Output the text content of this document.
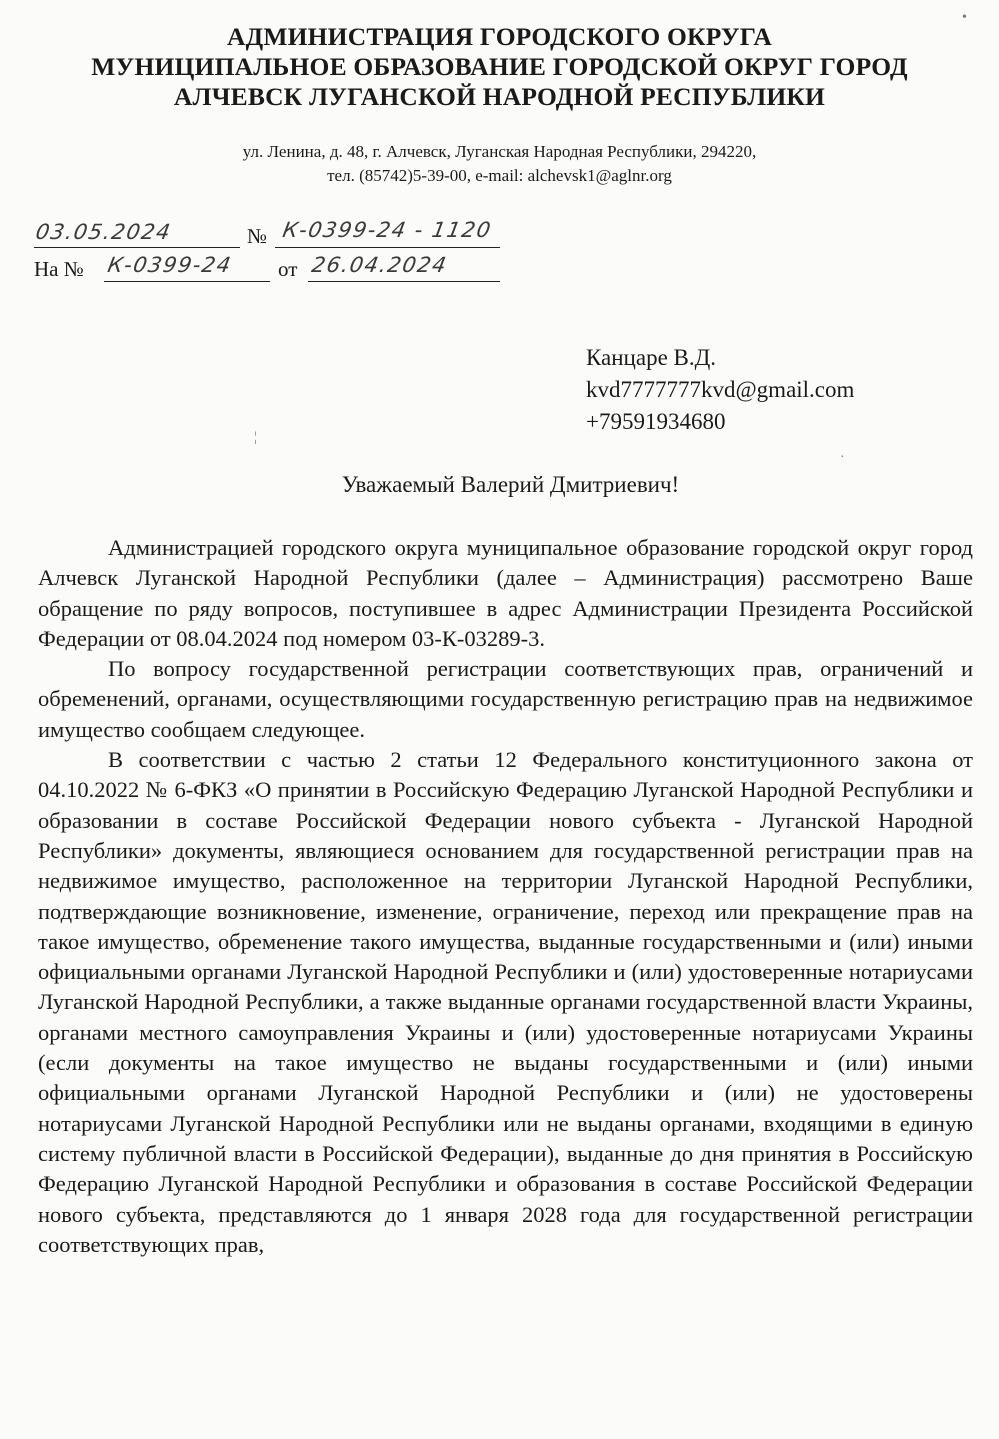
АДМИНИСТРАЦИЯ ГОРОДСКОГО ОКРУГА
МУНИЦИПАЛЬНОЕ ОБРАЗОВАНИЕ ГОРОДСКОЙ ОКРУГ ГОРОД
АЛЧЕВСК ЛУГАНСКОЙ НАРОДНОЙ РЕСПУБЛИКИ
ул. Ленина, д. 48, г. Алчевск, Луганская Народная Республики, 294220,
тел. (85742)5-39-00, e-mail: alchevsk1@aglnr.org
03.05.2024	№ К-0399-24 - 1120
На № К-0399-24 от 26.04.2024
Канцаре В.Д.
kvd7777777kvd@gmail.com
+79591934680
Уважаемый Валерий Дмитриевич!

Администрацией городского округа муниципальное образование городской округ город Алчевск Луганской Народной Республики (далее – Администрация) рассмотрено Ваше обращение по ряду вопросов, поступившее в адрес Администрации Президента Российской Федерации от 08.04.2024 под номером 03-К-03289-3.

По вопросу государственной регистрации соответствующих прав, ограничений и обременений, органами, осуществляющими государственную регистрацию прав на недвижимое имущество сообщаем следующее.

В соответствии с частью 2 статьи 12 Федерального конституционного закона от 04.10.2022 № 6-ФКЗ «О принятии в Российскую Федерацию Луганской Народной Республики и образовании в составе Российской Федерации нового субъекта - Луганской Народной Республики» документы, являющиеся основанием для государственной регистрации прав на недвижимое имущество, расположенное на территории Луганской Народной Республики, подтверждающие возникновение, изменение, ограничение, переход или прекращение прав на такое имущество, обременение такого имущества, выданные государственными и (или) иными официальными органами Луганской Народной Республики и (или) удостоверенные нотариусами Луганской Народной Республики, а также выданные органами государственной власти Украины, органами местного самоуправления Украины и (или) удостоверенные нотариусами Украины (если документы на такое имущество не выданы государственными и (или) иными официальными органами Луганской Народной Республики и (или) не удостоверены нотариусами Луганской Народной Республики или не выданы органами, входящими в единую систему публичной власти в Российской Федерации), выданные до дня принятия в Российскую Федерацию Луганской Народной Республики и образования в составе Российской Федерации нового субъекта, представляются до 1 января 2028 года для государственной регистрации соответствующих прав,

•
¦
·
